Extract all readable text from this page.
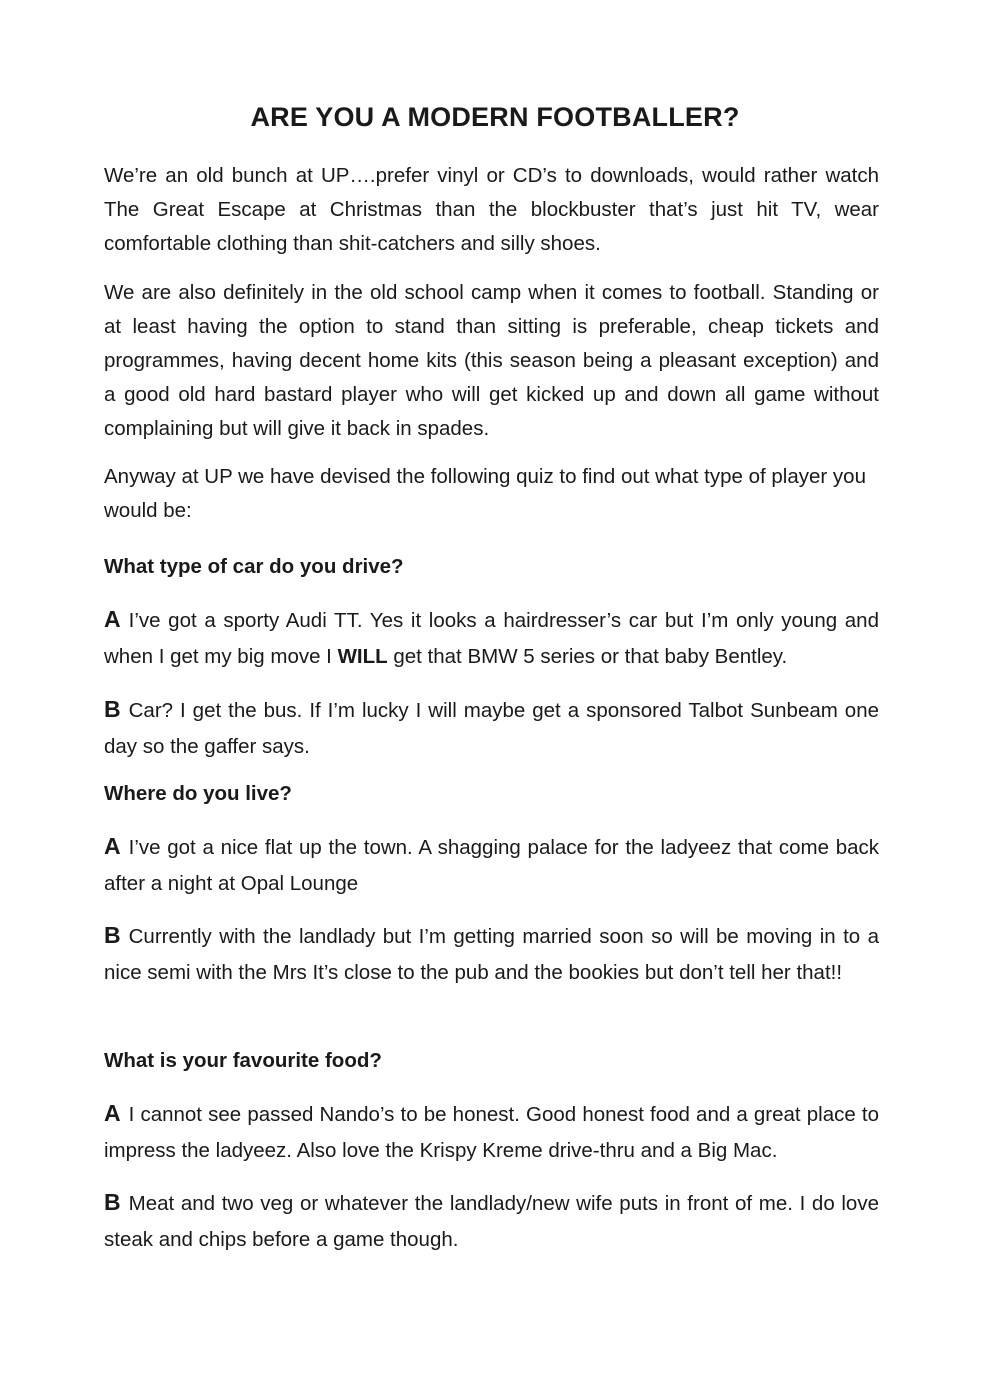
ARE YOU A MODERN FOOTBALLER?

We’re an old bunch at UP….prefer vinyl or CD’s to downloads, would rather watch The Great Escape at Christmas than the blockbuster that’s just hit TV, wear comfortable clothing than shit-catchers and silly shoes.

We are also definitely in the old school camp when it comes to football. Standing or at least having the option to stand than sitting is preferable, cheap tickets and programmes, having decent home kits (this season being a pleasant exception) and a good old hard bastard player who will get kicked up and down all game without complaining but will give it back in spades.

Anyway at UP we have devised the following quiz to find out what type of player you would be:

What type of car do you drive?

A I’ve got a sporty Audi TT. Yes it looks a hairdresser’s car but I’m only young and when I get my big move I WILL get that BMW 5 series or that baby Bentley.

B Car? I get the bus. If I’m lucky I will maybe get a sponsored Talbot Sunbeam one day so the gaffer says.

Where do you live?

A I’ve got a nice flat up the town. A shagging palace for the ladyeez that come back after a night at Opal Lounge

B Currently with the landlady but I’m getting married soon so will be moving in to a nice semi with the Mrs It’s close to the pub and the bookies but don’t tell her that!!

What is your favourite food?

A I cannot see passed Nando’s to be honest. Good honest food and a great place to impress the ladyeez. Also love the Krispy Kreme drive-thru and a Big Mac.

B Meat and two veg or whatever the landlady/new wife puts in front of me. I do love steak and chips before a game though.
